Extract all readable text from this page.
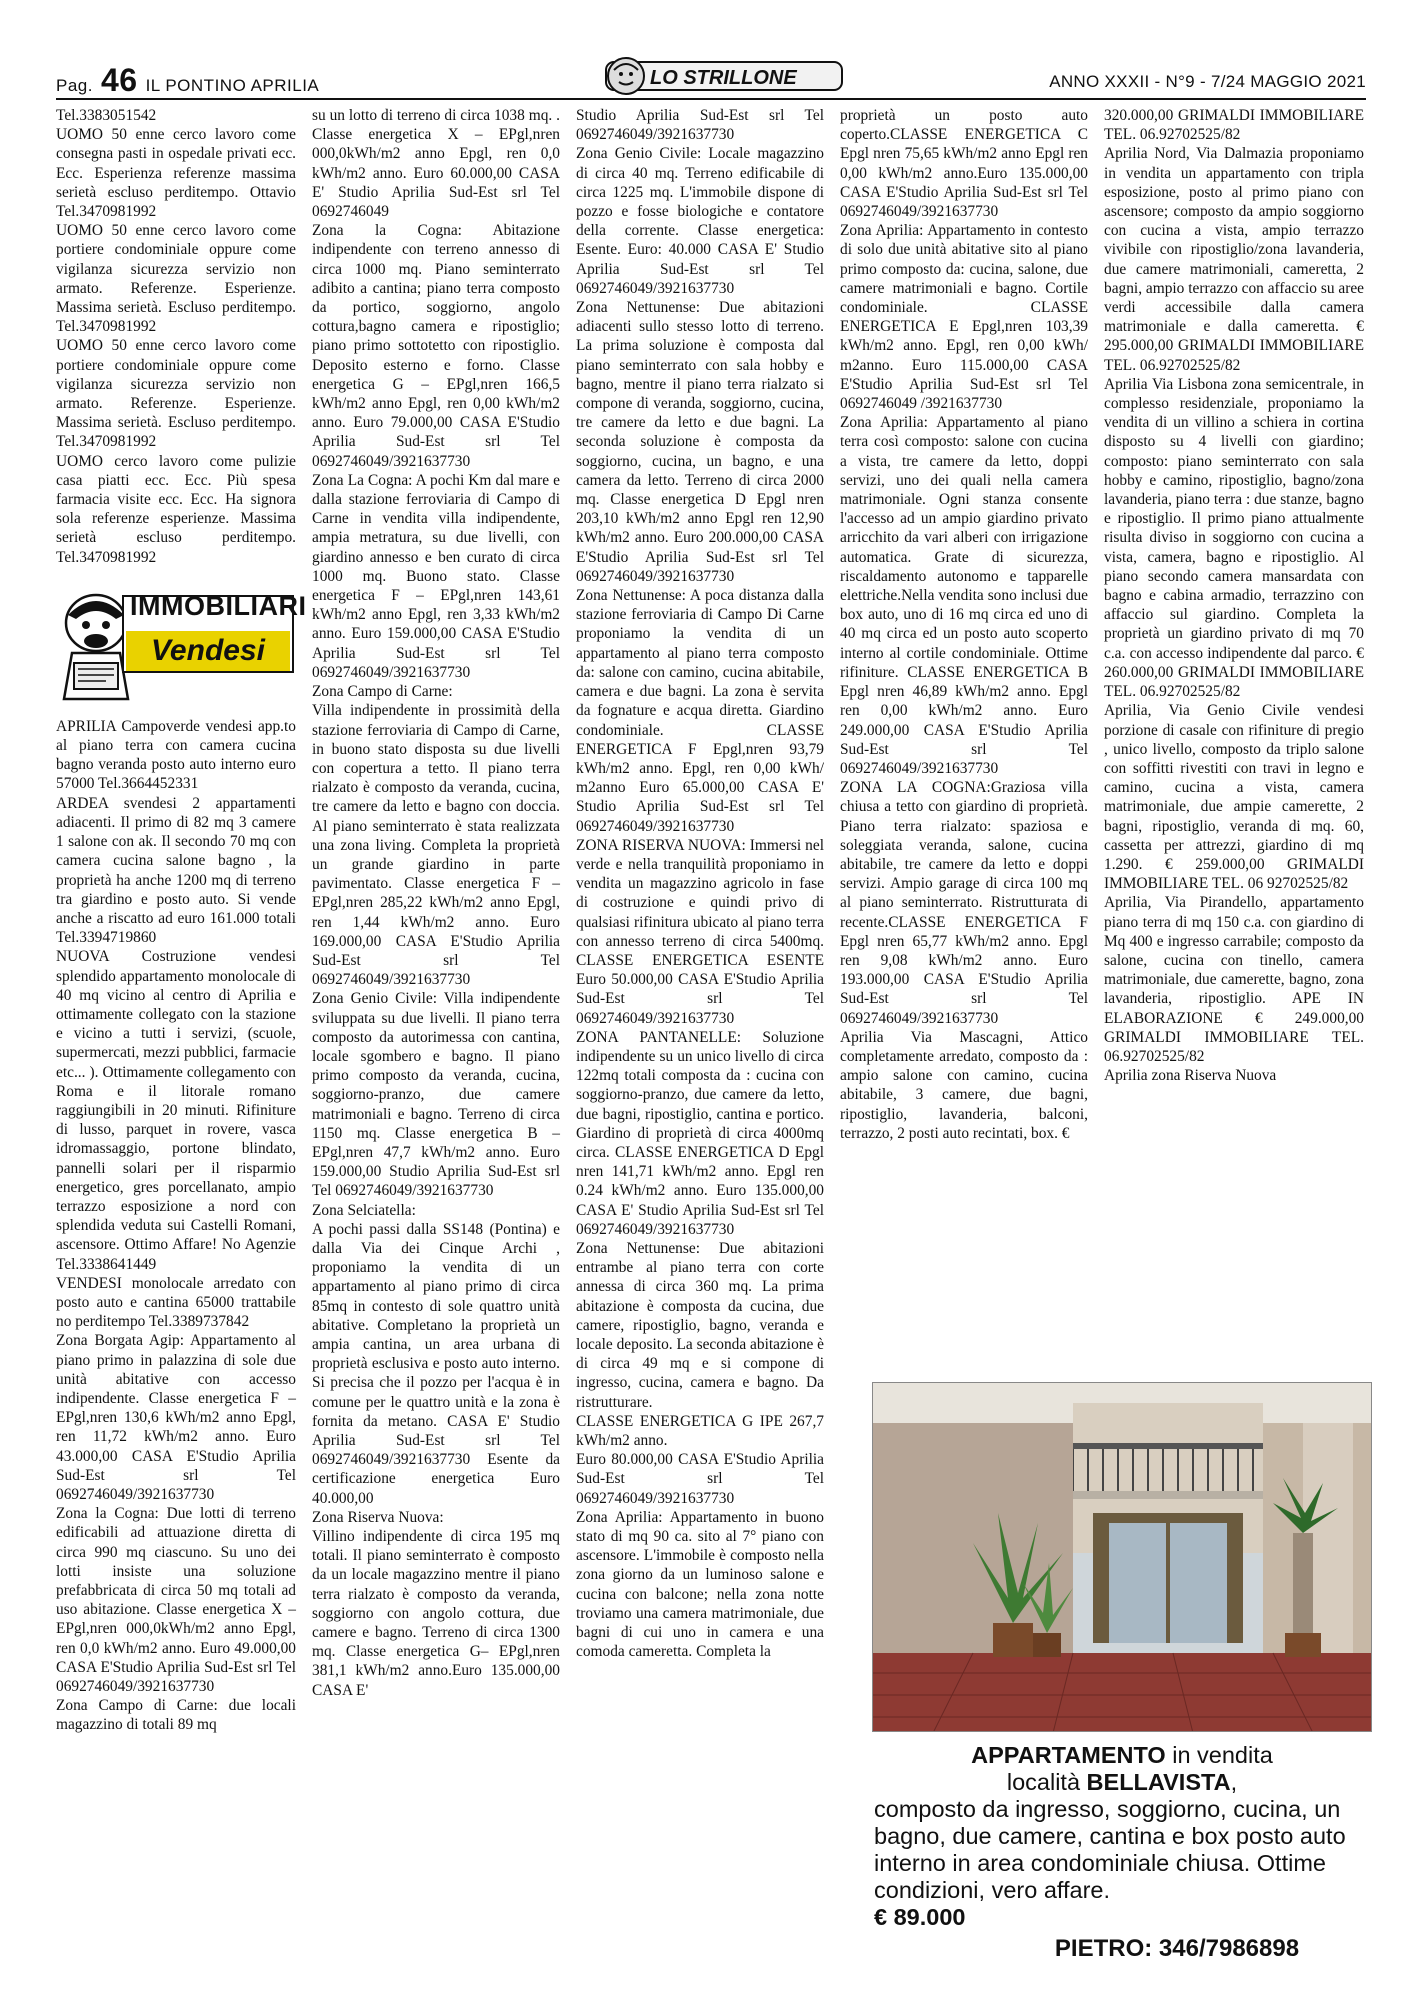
Pag. 46 IL PONTINO APRILIA	LO STRILLONE	ANNO XXXII - N°9 - 7/24 MAGGIO 2021

Tel.3383051542

UOMO 50 enne cerco lavoro come consegna pasti in ospedale privati ecc. Ecc. Esperienza referenze massima serietà escluso perditempo. Ottavio Tel.3470981992

UOMO 50 enne cerco lavoro come portiere condominiale oppure come vigilanza sicurezza servizio non armato. Referenze. Esperienze. Massima serietà. Escluso perditempo. Tel.3470981992

UOMO 50 enne cerco lavoro come portiere condominiale oppure come vigilanza sicurezza servizio non armato. Referenze. Esperienze. Massima serietà. Escluso perditempo. Tel.3470981992

UOMO cerco lavoro come pulizie casa piatti ecc. Ecc. Più spesa farmacia visite ecc. Ecc. Ha signora sola referenze esperienze. Massima serietà escluso perditempo. Tel.3470981992

IMMOBILIARI
Vendesi

APRILIA Campoverde vendesi app.to al piano terra con camera cucina bagno veranda posto auto interno euro 57000 Tel.3664452331

ARDEA svendesi 2 appartamenti adiacenti. Il primo di 82 mq 3 camere 1 salone con ak. Il secondo 70 mq con camera cucina salone bagno , la proprietà ha anche 1200 mq di terreno tra giardino e posto auto. Si vende anche a riscatto ad euro 161.000 totali Tel.3394719860

NUOVA Costruzione vendesi splendido appartamento monolocale di 40 mq vicino al centro di Aprilia e ottimamente collegato con la stazione e vicino a tutti i servizi, (scuole, supermercati, mezzi pubblici, farmacie etc... ). Ottimamente collegamento con Roma e il litorale romano raggiungibili in 20 minuti. Rifiniture di lusso, parquet in rovere, vasca idromassaggio, portone blindato, pannelli solari per il risparmio energetico, gres porcellanato, ampio terrazzo esposizione a nord con splendida veduta sui Castelli Romani, ascensore. Ottimo Affare! No Agenzie Tel.3338641449

VENDESI monolocale arredato con posto auto e cantina 65000 trattabile no perditempo Tel.3389737842

Zona Borgata Agip: Appartamento al piano primo in palazzina di sole due unità abitative con accesso indipendente. Classe energetica F – EPgl,nren 130,6 kWh/m2 anno Epgl, ren 11,72 kWh/m2 anno. Euro 43.000,00 CASA E'Studio Aprilia Sud-Est srl Tel 0692746049/3921637730

Zona la Cogna: Due lotti di terreno edificabili ad attuazione diretta di circa 990 mq ciascuno. Su uno dei lotti insiste una soluzione prefabbricata di circa 50 mq totali ad uso abitazione. Classe energetica X – EPgl,nren 000,0kWh/m2 anno Epgl, ren 0,0 kWh/m2 anno. Euro 49.000,00 CASA E'Studio Aprilia Sud-Est srl Tel 0692746049/3921637730

Zona Campo di Carne: due locali magazzino di totali 89 mq

su un lotto di terreno di circa 1038 mq. . Classe energetica X – EPgl,nren 000,0kWh/m2 anno Epgl, ren 0,0 kWh/m2 anno. Euro 60.000,00 CASA E' Studio Aprilia Sud-Est srl Tel 0692746049

Zona la Cogna: Abitazione indipendente con terreno annesso di circa 1000 mq. Piano seminterrato adibito a cantina; piano terra composto da portico, soggiorno, angolo cottura,bagno camera e ripostiglio; piano primo sottotetto con ripostiglio. Deposito esterno e forno. Classe energetica G – EPgl,nren 166,5 kWh/m2 anno Epgl, ren 0,00 kWh/m2 anno. Euro 79.000,00 CASA E'Studio Aprilia Sud-Est srl Tel 0692746049/3921637730

Zona La Cogna: A pochi Km dal mare e dalla stazione ferroviaria di Campo di Carne in vendita villa indipendente, ampia metratura, su due livelli, con giardino annesso e ben curato di circa 1000 mq. Buono stato. Classe energetica F – EPgl,nren 143,61 kWh/m2 anno Epgl, ren 3,33 kWh/m2 anno. Euro 159.000,00 CASA E'Studio Aprilia Sud-Est srl Tel 0692746049/3921637730

Zona Campo di Carne:

Villa indipendente in prossimità della stazione ferroviaria di Campo di Carne, in buono stato disposta su due livelli con copertura a tetto. Il piano terra rialzato è composto da veranda, cucina, tre camere da letto e bagno con doccia. Al piano seminterrato è stata realizzata una zona living. Completa la proprietà un grande giardino in parte pavimentato. Classe energetica F – EPgl,nren 285,22 kWh/m2 anno Epgl, ren 1,44 kWh/m2 anno. Euro 169.000,00 CASA E'Studio Aprilia Sud-Est srl Tel 0692746049/3921637730

Zona Genio Civile: Villa indipendente sviluppata su due livelli. Il piano terra composto da autorimessa con cantina, locale sgombero e bagno. Il piano primo composto da veranda, cucina, soggiorno-pranzo, due camere matrimoniali e bagno. Terreno di circa 1150 mq. Classe energetica B – EPgl,nren 47,7 kWh/m2 anno. Euro 159.000,00 Studio Aprilia Sud-Est srl Tel 0692746049/3921637730

Zona Selciatella:

A pochi passi dalla SS148 (Pontina) e dalla Via dei Cinque Archi , proponiamo la vendita di un appartamento al piano primo di circa 85mq in contesto di sole quattro unità abitative. Completano la proprietà un ampia cantina, un area urbana di proprietà esclusiva e posto auto interno. Si precisa che il pozzo per l'acqua è in comune per le quattro unità e la zona è fornita da metano. CASA E' Studio Aprilia Sud-Est srl Tel 0692746049/3921637730 Esente da certificazione energetica Euro 40.000,00

Zona Riserva Nuova:

Villino indipendente di circa 195 mq totali. Il piano seminterrato è composto da un locale magazzino mentre il piano terra rialzato è composto da veranda, soggiorno con angolo cottura, due camere e bagno. Terreno di circa 1300 mq. Classe energetica G– EPgl,nren 381,1 kWh/m2 anno.Euro 135.000,00 CASA E'

Studio Aprilia Sud-Est srl Tel 0692746049/3921637730

Zona Genio Civile: Locale magazzino di circa 40 mq. Terreno edificabile di circa 1225 mq. L'immobile dispone di pozzo e fosse biologiche e contatore della corrente. Classe energetica: Esente. Euro: 40.000 CASA E' Studio Aprilia Sud-Est srl Tel 0692746049/3921637730

Zona Nettunense: Due abitazioni adiacenti sullo stesso lotto di terreno. La prima soluzione è composta dal piano seminterrato con sala hobby e bagno, mentre il piano terra rialzato si compone di veranda, soggiorno, cucina, tre camere da letto e due bagni. La seconda soluzione è composta da soggiorno, cucina, un bagno, e una camera da letto. Terreno di circa 2000 mq. Classe energetica D Epgl nren 203,10 kWh/m2 anno Epgl ren 12,90 kWh/m2 anno. Euro 200.000,00 CASA E'Studio Aprilia Sud-Est srl Tel 0692746049/3921637730

Zona Nettunense: A poca distanza dalla stazione ferroviaria di Campo Di Carne proponiamo la vendita di un appartamento al piano terra composto da: salone con camino, cucina abitabile, camera e due bagni. La zona è servita da fognature e acqua diretta. Giardino condominiale. CLASSE ENERGETICA F Epgl,nren 93,79 kWh/m2 anno. Epgl, ren 0,00 kWh/ m2anno Euro 65.000,00 CASA E' Studio Aprilia Sud-Est srl Tel 0692746049/3921637730

ZONA RISERVA NUOVA: Immersi nel verde e nella tranquilità proponiamo in vendita un magazzino agricolo in fase di costruzione e quindi privo di qualsiasi rifinitura ubicato al piano terra con annesso terreno di circa 5400mq. CLASSE ENERGETICA ESENTE Euro 50.000,00 CASA E'Studio Aprilia Sud-Est srl Tel 0692746049/3921637730

ZONA PANTANELLE: Soluzione indipendente su un unico livello di circa 122mq totali composta da : cucina con soggiorno-pranzo, due camere da letto, due bagni, ripostiglio, cantina e portico. Giardino di proprietà di circa 4000mq circa. CLASSE ENERGETICA D Epgl nren 141,71 kWh/m2 anno. Epgl ren 0.24 kWh/m2 anno. Euro 135.000,00 CASA E' Studio Aprilia Sud-Est srl Tel 0692746049/3921637730

Zona Nettunense: Due abitazioni entrambe al piano terra con corte annessa di circa 360 mq. La prima abitazione è composta da cucina, due camere, ripostiglio, bagno, veranda e locale deposito. La seconda abitazione è di circa 49 mq e si compone di ingresso, cucina, camera e bagno. Da ristrutturare.

CLASSE ENERGETICA G IPE 267,7 kWh/m2 anno.

Euro 80.000,00 CASA E'Studio Aprilia Sud-Est srl Tel 0692746049/3921637730

Zona Aprilia: Appartamento in buono stato di mq 90 ca. sito al 7° piano con ascensore. L'immobile è composto nella zona giorno da un luminoso salone e cucina con balcone; nella zona notte troviamo una camera matrimoniale, due bagni di cui uno in camera e una comoda cameretta. Completa la

proprietà un posto auto coperto.CLASSE ENERGETICA C Epgl nren 75,65 kWh/m2 anno Epgl ren 0,00 kWh/m2 anno.Euro 135.000,00 CASA E'Studio Aprilia Sud-Est srl Tel 0692746049/3921637730

Zona Aprilia: Appartamento in contesto di solo due unità abitative sito al piano primo composto da: cucina, salone, due camere matrimoniali e bagno. Cortile condominiale. CLASSE ENERGETICA E Epgl,nren 103,39 kWh/m2 anno. Epgl, ren 0,00 kWh/ m2anno. Euro 115.000,00 CASA E'Studio Aprilia Sud-Est srl Tel 0692746049 /3921637730

Zona Aprilia: Appartamento al piano terra così composto: salone con cucina a vista, tre camere da letto, doppi servizi, uno dei quali nella camera matrimoniale. Ogni stanza consente l'accesso ad un ampio giardino privato arricchito da vari alberi con irrigazione automatica. Grate di sicurezza, riscaldamento autonomo e tapparelle elettriche.Nella vendita sono inclusi due box auto, uno di 16 mq circa ed uno di 40 mq circa ed un posto auto scoperto interno al cortile condominiale. Ottime rifiniture. CLASSE ENERGETICA B Epgl nren 46,89 kWh/m2 anno. Epgl ren 0,00 kWh/m2 anno. Euro 249.000,00 CASA E'Studio Aprilia Sud-Est srl Tel 0692746049/3921637730

ZONA LA COGNA:Graziosa villa chiusa a tetto con giardino di proprietà. Piano terra rialzato: spaziosa e soleggiata veranda, salone, cucina abitabile, tre camere da letto e doppi servizi. Ampio garage di circa 100 mq al piano seminterrato. Ristrutturata di recente.CLASSE ENERGETICA F Epgl nren 65,77 kWh/m2 anno. Epgl ren 9,08 kWh/m2 anno. Euro 193.000,00 CASA E'Studio Aprilia Sud-Est srl Tel 0692746049/3921637730

Aprilia Via Mascagni, Attico completamente arredato, composto da : ampio salone con camino, cucina abitabile, 3 camere, due bagni, ripostiglio, lavanderia, balconi, terrazzo, 2 posti auto recintati, box. €

320.000,00 GRIMALDI IMMOBILIARE TEL. 06.92702525/82

Aprilia Nord, Via Dalmazia proponiamo in vendita un appartamento con tripla esposizione, posto al primo piano con ascensore; composto da ampio soggiorno con cucina a vista, ampio terrazzo vivibile con ripostiglio/zona lavanderia, due camere matrimoniali, cameretta, 2 bagni, ampio terrazzo con affaccio su aree verdi accessibile dalla camera matrimoniale e dalla cameretta. € 295.000,00 GRIMALDI IMMOBILIARE TEL. 06.92702525/82

Aprilia Via Lisbona zona semicentrale, in complesso residenziale, proponiamo la vendita di un villino a schiera in cortina disposto su 4 livelli con giardino; composto: piano seminterrato con sala hobby e camino, ripostiglio, bagno/zona lavanderia, piano terra : due stanze, bagno e ripostiglio. Il primo piano attualmente risulta diviso in soggiorno con cucina a vista, camera, bagno e ripostiglio. Al piano secondo camera mansardata con bagno e cabina armadio, terrazzino con affaccio sul giardino. Completa la proprietà un giardino privato di mq 70 c.a. con accesso indipendente dal parco. € 260.000,00 GRIMALDI IMMOBILIARE TEL. 06.92702525/82

Aprilia, Via Genio Civile vendesi porzione di casale con rifiniture di pregio , unico livello, composto da triplo salone con soffitti rivestiti con travi in legno e camino, cucina a vista, camera matrimoniale, due ampie camerette, 2 bagni, ripostiglio, veranda di mq. 60, cassetta per attrezzi, giardino di mq 1.290. € 259.000,00 GRIMALDI IMMOBILIARE TEL. 06 92702525/82

Aprilia, Via Pirandello, appartamento piano terra di mq 150 c.a. con giardino di Mq 400 e ingresso carrabile; composto da salone, cucina con tinello, camera matrimoniale, due camerette, bagno, zona lavanderia, ripostiglio. APE IN ELABORAZIONE € 249.000,00 GRIMALDI IMMOBILIARE TEL. 06.92702525/82

Aprilia zona Riserva Nuova

APPARTAMENTO in vendita
località BELLAVISTA,
composto da ingresso, soggiorno, cucina, un bagno, due camere, cantina e box posto auto interno in area condominiale chiusa. Ottime condizioni, vero affare.
€ 89.000
PIETRO: 346/7986898
